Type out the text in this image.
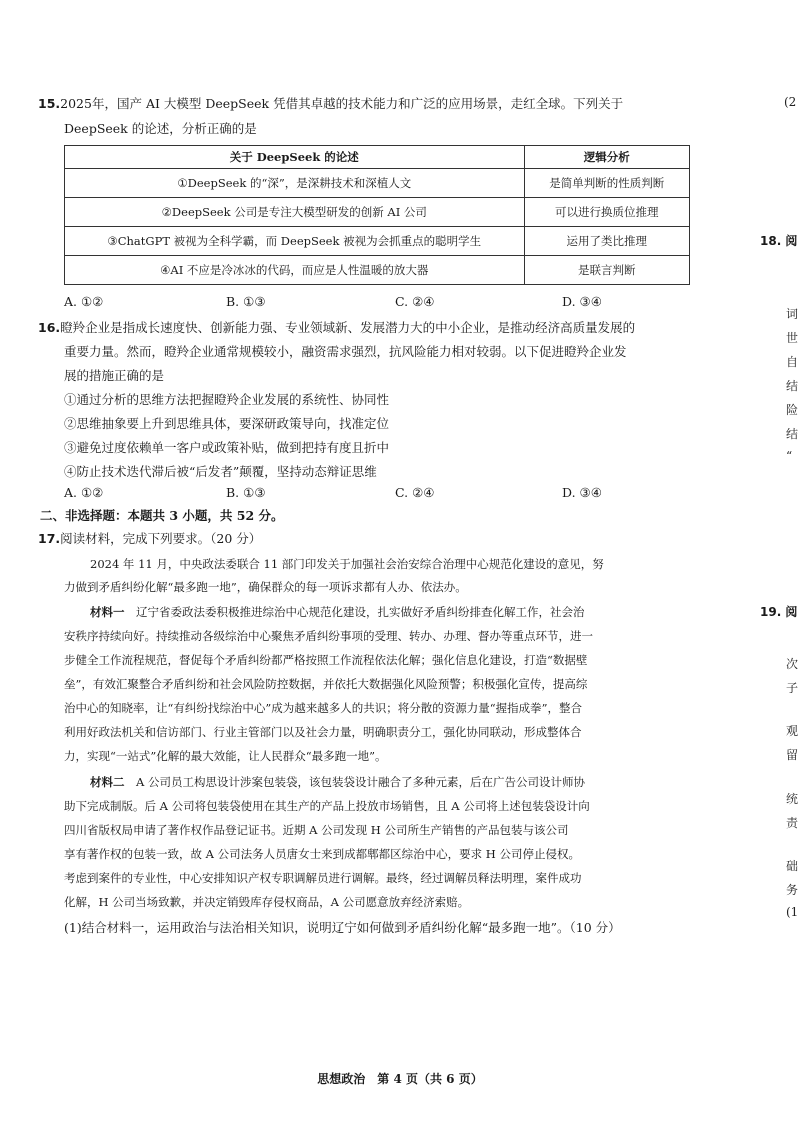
15.2025年，国产 AI 大模型 DeepSeek 凭借其卓越的技术能力和广泛的应用场景，走红全球。下列关于
DeepSeek 的论述，分析正确的是
关于 DeepSeek 的论述	逻辑分析
①DeepSeek 的“深”，是深耕技术和深植人文	是简单判断的性质判断
②DeepSeek 公司是专注大模型研发的创新 AI 公司	可以进行换质位推理
③ChatGPT 被视为全科学霸，而 DeepSeek 被视为会抓重点的聪明学生	运用了类比推理
④AI 不应是冷冰冰的代码，而应是人性温暖的放大器	是联言判断
A. ①②	B. ①③	C. ②④	D. ③④
16.瞪羚企业是指成长速度快、创新能力强、专业领域新、发展潜力大的中小企业，是推动经济高质量发展的
重要力量。然而，瞪羚企业通常规模较小，融资需求强烈，抗风险能力相对较弱。以下促进瞪羚企业发
展的措施正确的是
①通过分析的思维方法把握瞪羚企业发展的系统性、协同性
②思维抽象要上升到思维具体，要深研政策导向，找准定位
③避免过度依赖单一客户或政策补贴，做到把持有度且折中
④防止技术迭代滞后被“后发者”颠覆，坚持动态辩证思维
A. ①②	B. ①③	C. ②④	D. ③④
二、非选择题：本题共 3 小题，共 52 分。
17.阅读材料，完成下列要求。（20 分）
2024 年 11 月，中央政法委联合 11 部门印发关于加强社会治安综合治理中心规范化建设的意见，努
力做到矛盾纠纷化解“最多跑一地”，确保群众的每一项诉求都有人办、依法办。
材料一　 辽宁省委政法委积极推进综治中心规范化建设，扎实做好矛盾纠纷排查化解工作，社会治
安秩序持续向好。持续推动各级综治中心聚焦矛盾纠纷事项的受理、转办、办理、督办等重点环节，进一
步健全工作流程规范，督促每个矛盾纠纷都严格按照工作流程依法化解；强化信息化建设，打造“数据壁
垒”，有效汇聚整合矛盾纠纷和社会风险防控数据，并依托大数据强化风险预警；积极强化宣传，提高综
治中心的知晓率，让“有纠纷找综治中心”成为越来越多人的共识；将分散的资源力量“握指成拳”，整合
利用好政法机关和信访部门、行业主管部门以及社会力量，明确职责分工，强化协同联动，形成整体合
力，实现“一站式”化解的最大效能，让人民群众“最多跑一地”。
材料二　 A 公司员工构思设计涉案包装袋，该包装袋设计融合了多种元素，后在广告公司设计师协
助下完成制版。后 A 公司将包装袋使用在其生产的产品上投放市场销售，且 A 公司将上述包装袋设计向
四川省版权局申请了著作权作品登记证书。近期 A 公司发现 H 公司所生产销售的产品包装与该公司
享有著作权的包装一致，故 A 公司法务人员唐女士来到成都郫都区综治中心，要求 H 公司停止侵权。
考虑到案件的专业性，中心安排知识产权专职调解员进行调解。最终，经过调解员释法明理，案件成功
化解，H 公司当场致歉，并决定销毁库存侵权商品，A 公司愿意放弃经济索赔。
(1)结合材料一，运用政治与法治相关知识，说明辽宁如何做到矛盾纠纷化解“最多跑一地”。（10 分）
(2
18. 阅
词
世
自
结
险
结
“
19. 阅
次
子
观
留
统
责
础
务
(1
思想政治　第 4 页（共 6 页）
